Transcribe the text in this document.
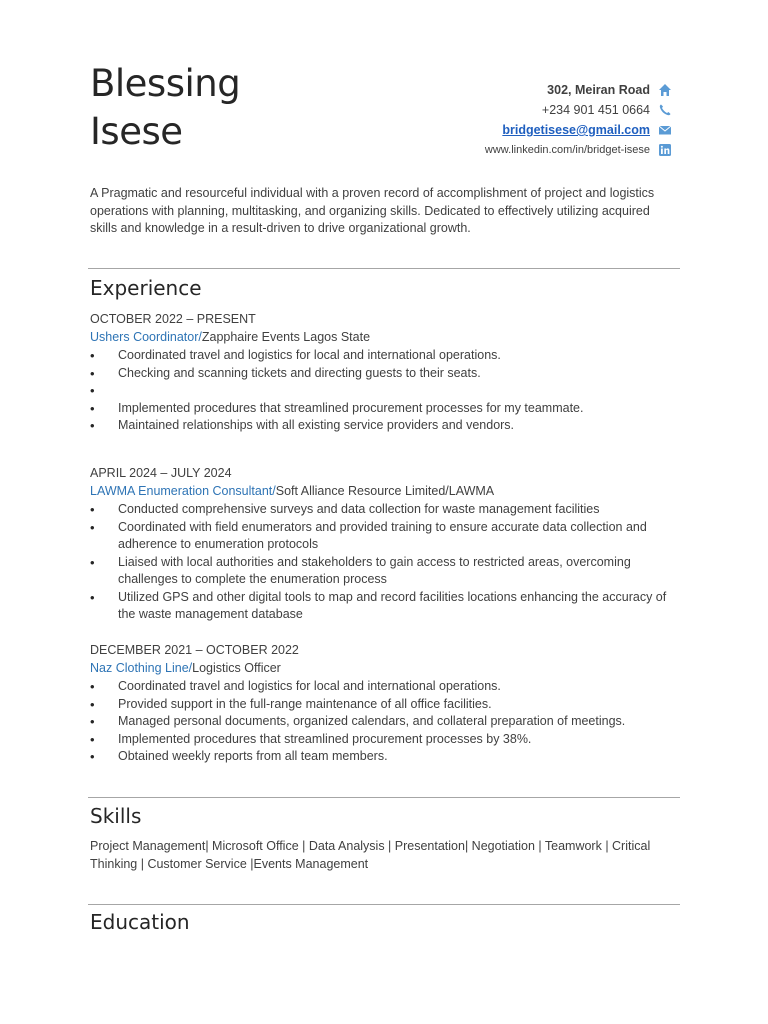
Blessing
Isese
302, Meiran Road
+234 901 451 0664
bridgetisese@gmail.com
www.linkedin.com/in/bridget-isese

A Pragmatic and resourceful individual with a proven record of accomplishment of project and logistics operations with planning, multitasking, and organizing skills. Dedicated to effectively utilizing acquired skills and knowledge in a result-driven to drive organizational growth.

Experience
OCTOBER 2022 – PRESENT
Ushers Coordinator/Zapphaire Events Lagos State
• Coordinated travel and logistics for local and international operations.
• Checking and scanning tickets and directing guests to their seats.
•
• Implemented procedures that streamlined procurement processes for my teammate.
• Maintained relationships with all existing service providers and vendors.
APRIL 2024 – JULY 2024
LAWMA Enumeration Consultant/Soft Alliance Resource Limited/LAWMA
• Conducted comprehensive surveys and data collection for waste management facilities
• Coordinated with field enumerators and provided training to ensure accurate data collection and adherence to enumeration protocols
• Liaised with local authorities and stakeholders to gain access to restricted areas, overcoming challenges to complete the enumeration process
• Utilized GPS and other digital tools to map and record facilities locations enhancing the accuracy of the waste management database
DECEMBER 2021 – OCTOBER 2022
Naz Clothing Line/Logistics Officer
• Coordinated travel and logistics for local and international operations.
• Provided support in the full-range maintenance of all office facilities.
• Managed personal documents, organized calendars, and collateral preparation of meetings.
• Implemented procedures that streamlined procurement processes by 38%.
• Obtained weekly reports from all team members.
Skills

Project Management| Microsoft Office | Data Analysis | Presentation| Negotiation | Teamwork | Critical Thinking | Customer Service |Events Management

Education
